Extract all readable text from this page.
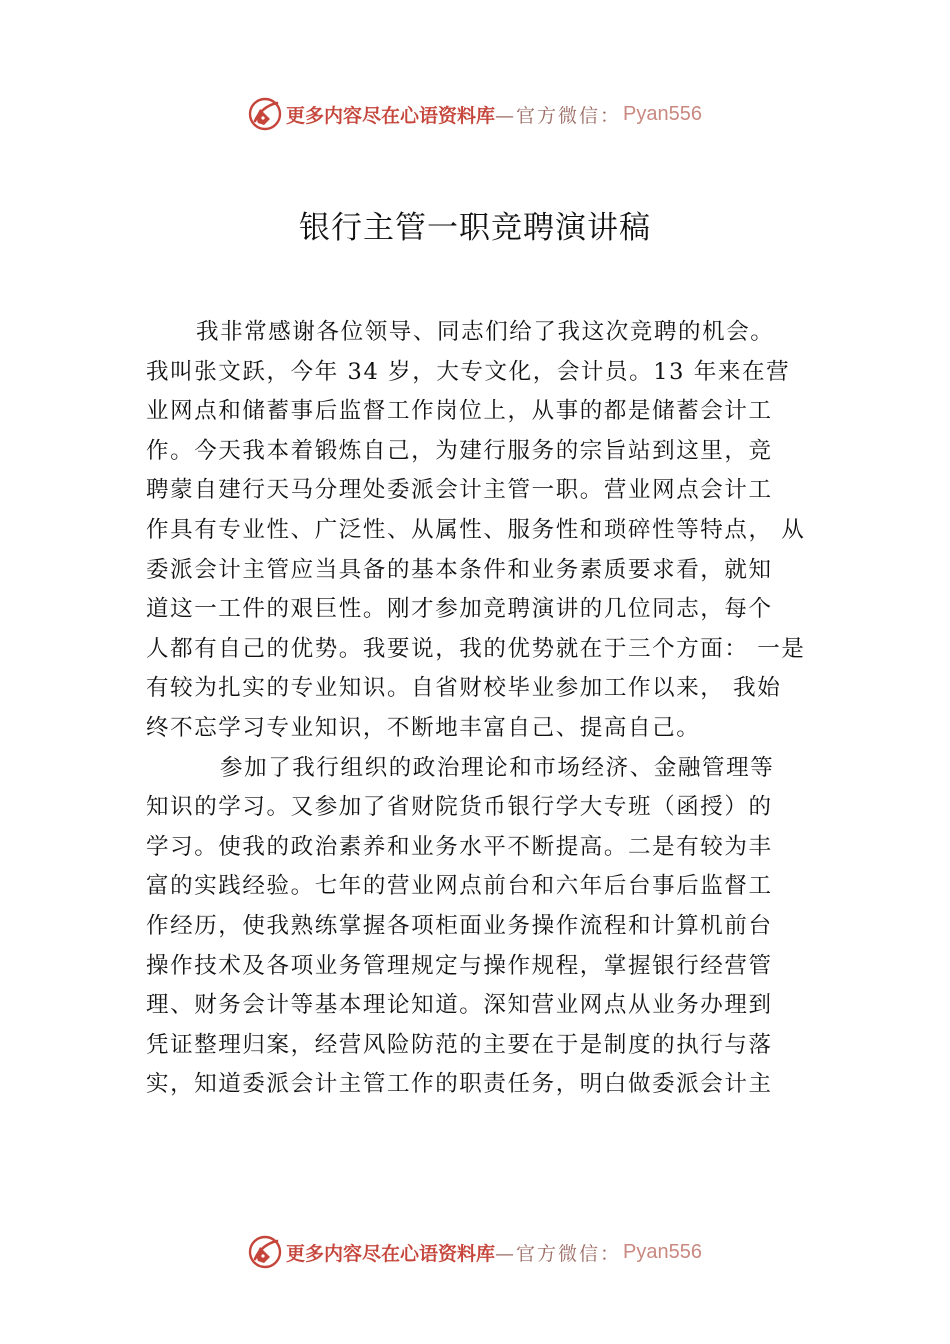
更多内容尽在心语资料库 —官方微信： Pyan556
银行主管一职竞聘演讲稿
我非常感谢各位领导、同志们给了我这次竞聘的机会。
我叫张文跃，今年 34 岁，大专文化，会计员。13 年来在营
业网点和储蓄事后监督工作岗位上，从事的都是储蓄会计工
作。今天我本着锻炼自己，为建行服务的宗旨站到这里，竞
聘蒙自建行天马分理处委派会计主管一职。营业网点会计工
作具有专业性、广泛性、从属性、服务性和琐碎性等特点， 从
委派会计主管应当具备的基本条件和业务素质要求看，就知
道这一工件的艰巨性。刚才参加竞聘演讲的几位同志，每个
人都有自己的优势。我要说，我的优势就在于三个方面： 一是
有较为扎实的专业知识。自省财校毕业参加工作以来， 我始
终不忘学习专业知识，不断地丰富自己、提高自己。
参加了我行组织的政治理论和市场经济、金融管理等
知识的学习。又参加了省财院货币银行学大专班（函授）的
学习。使我的政治素养和业务水平不断提高。二是有较为丰
富的实践经验。七年的营业网点前台和六年后台事后监督工
作经历，使我熟练掌握各项柜面业务操作流程和计算机前台
操作技术及各项业务管理规定与操作规程，掌握银行经营管
理、财务会计等基本理论知道。深知营业网点从业务办理到
凭证整理归案，经营风险防范的主要在于是制度的执行与落
实，知道委派会计主管工作的职责任务，明白做委派会计主
更多内容尽在心语资料库 —官方微信： Pyan556
